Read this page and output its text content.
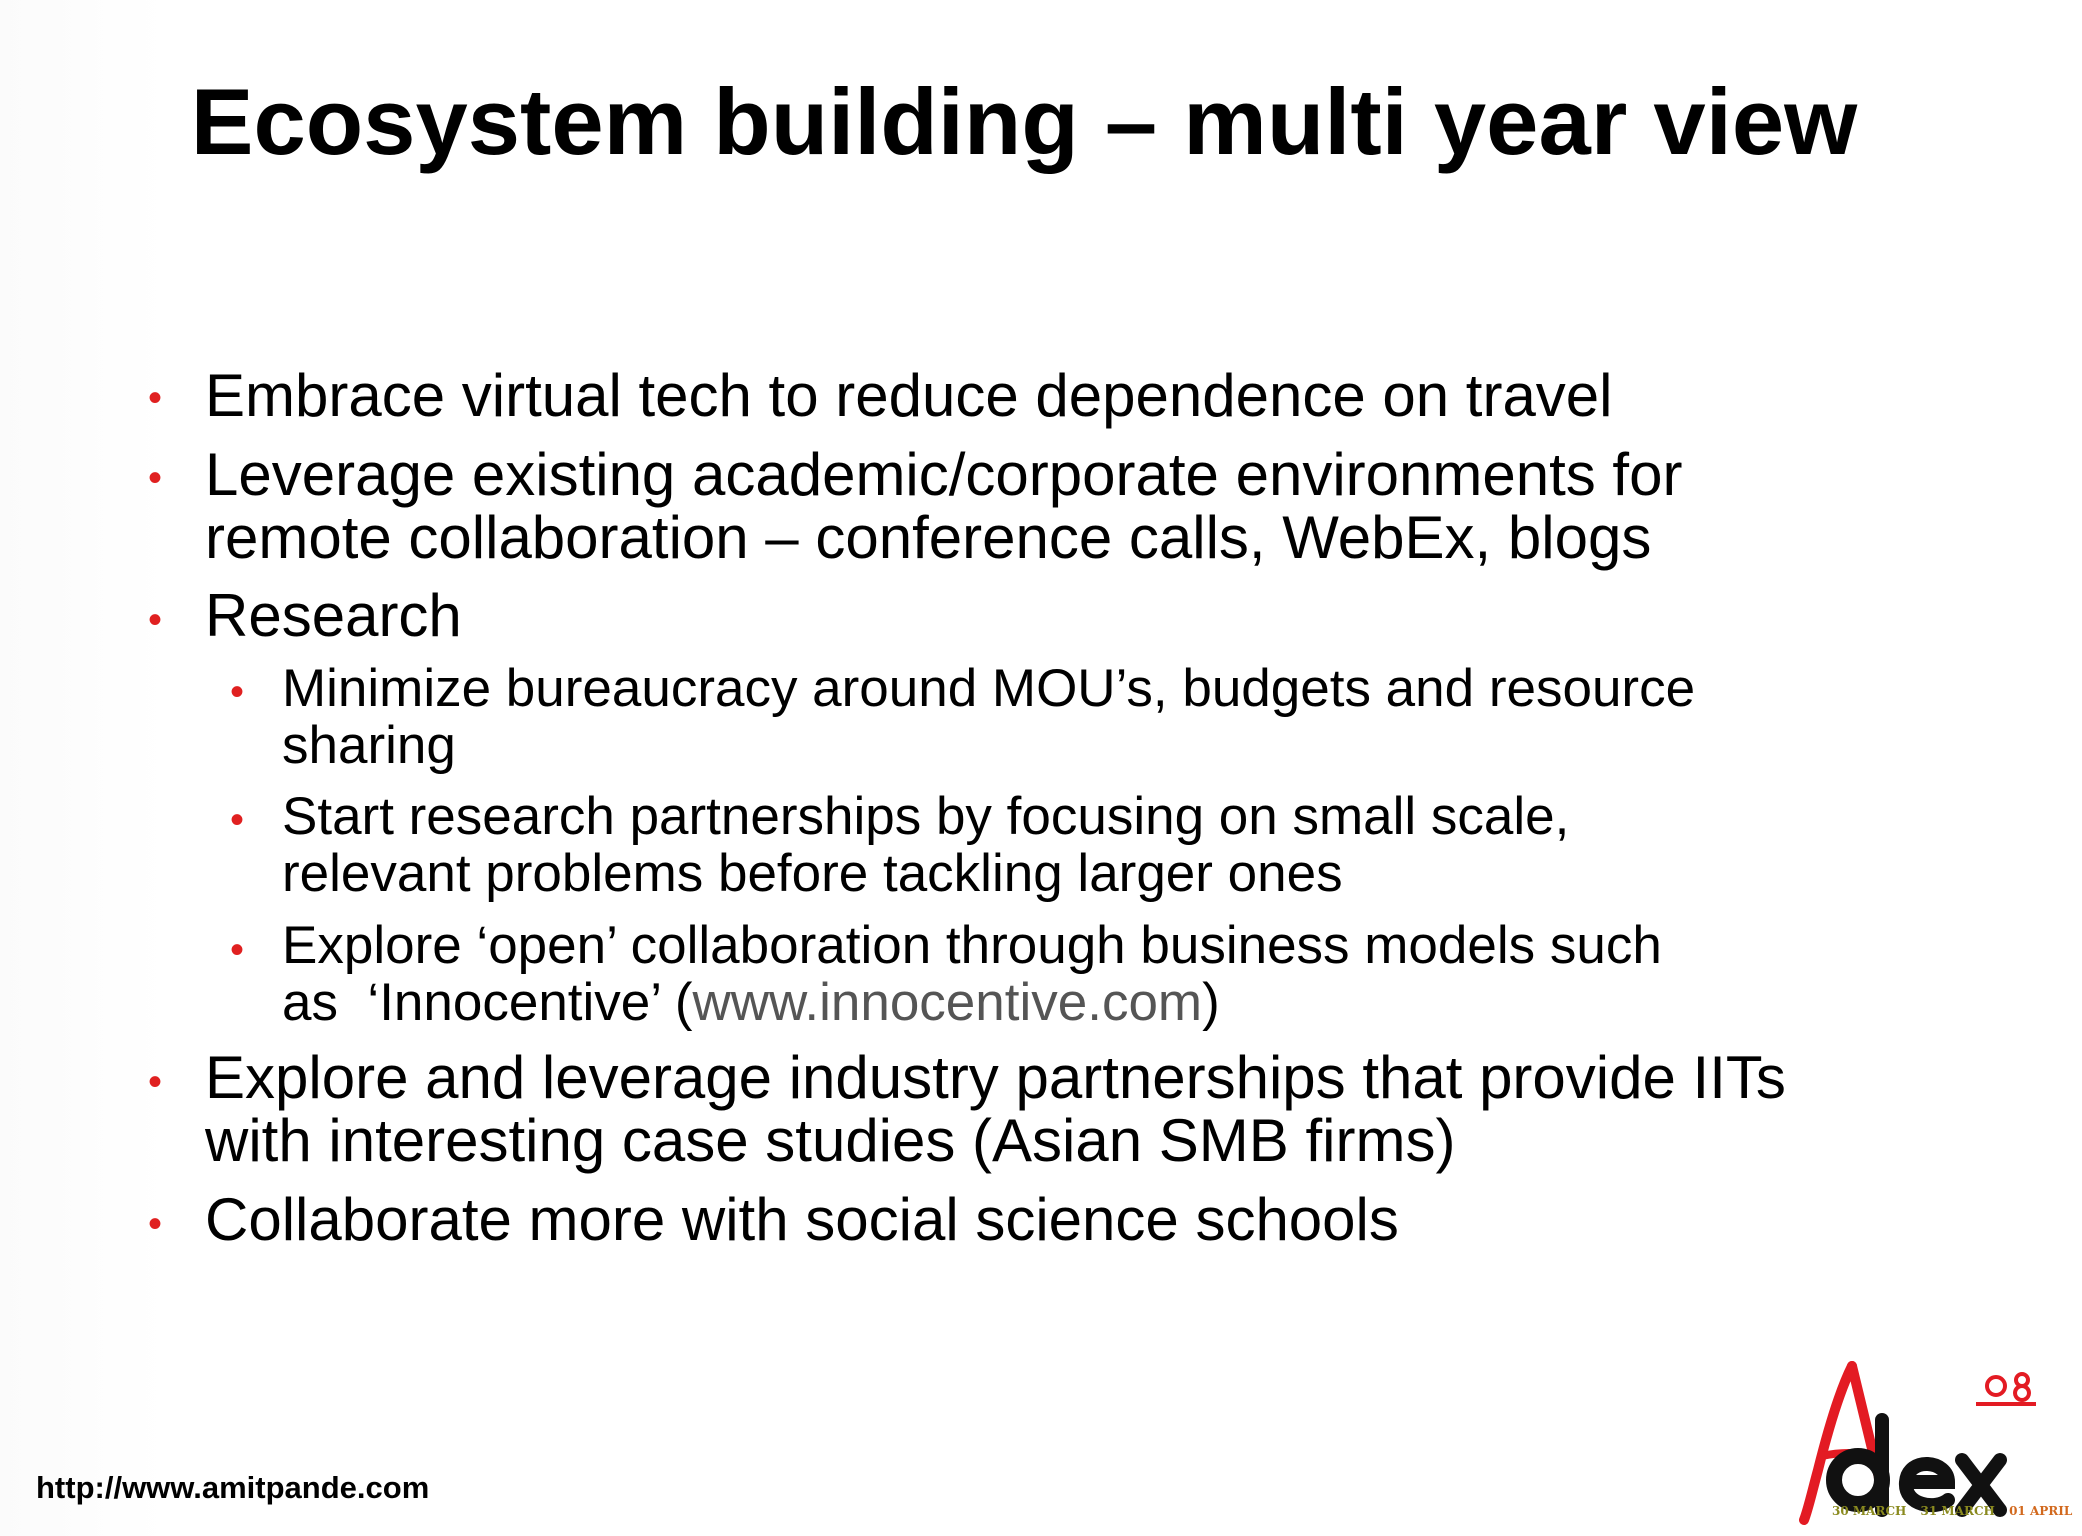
Ecosystem building – multi year view
• Embrace virtual tech to reduce dependence on travel
• Leverage existing academic/corporate environments for
remote collaboration – conference calls, WebEx, blogs
• Research
• Minimize bureaucracy around MOU’s, budgets and resource
sharing
• Start research partnerships by focusing on small scale,
relevant problems before tackling larger ones
• Explore ‘open’ collaboration through business models such
as  ‘Innocentive’ (www.innocentive.com)
• Explore and leverage industry partnerships that provide IITs
with interesting case studies (Asian SMB firms)
• Collaborate more with social science schools
http://www.amitpande.com
30 MARCH 31 MARCH 01 APRIL
